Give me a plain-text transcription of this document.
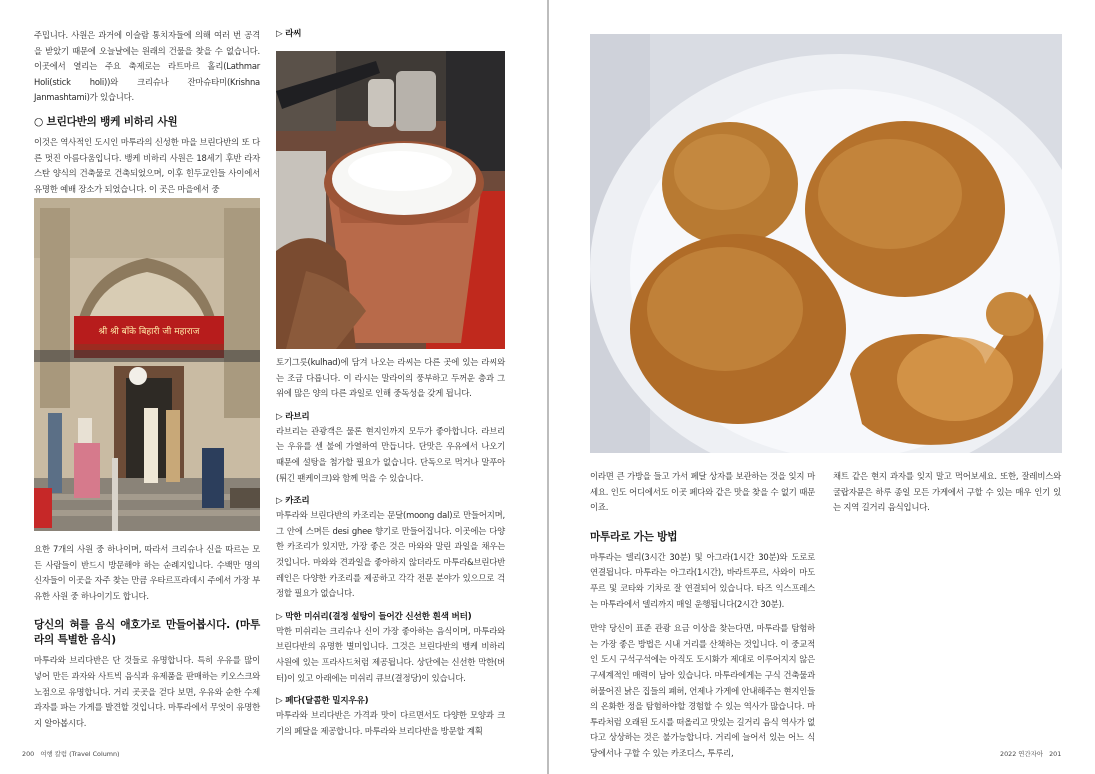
주밉니다. 사원은 과거에 이슬람 통치자들에 의해 여러 번 공격을 받았기 때문에 오늘날에는 원래의 건물을 찾을 수 없습니다. 이곳에서 열리는 주요 축제로는 라트마르 홀리(Lathmar Holi(stick holi))와 크리슈나 잔마슈타미(Krishna Janmashtami)가 있습니다.

○ 브린다반의 뱅케 비하리 사원

이것은 역사적인 도시인 마투라의 신성한 마을 브린다반의 또 다른 멋진 아름다움입니다. 뱅케 비하리 사원은 18세기 후반 라자스탄 양식의 건축물로 건축되었으며, 이후 힌두교인들 사이에서 유명한 예배 장소가 되었습니다. 이 곳은 마을에서 중

श्री श्री बाँके बिहारी जी महाराज

요한 7개의 사원 중 하나이며, 따라서 크리슈나 신을 따르는 모든 사람들이 반드시 방문해야 하는 순례지입니다. 수백만 명의 신자들이 이곳을 자주 찾는 만큼 우타르프라데시 주에서 가장 부유한 사원 중 하나이기도 합니다.

당신의 혀를 음식 애호가로 만들어봅시다. (마투라의 특별한 음식)

마투라와 브리다반은 단 것들로 유명합니다. 특히 우유를 많이 넣어 만든 과자와 사트빅 음식과 유제품을 판매하는 키오스크와 노점으로 유명합니다. 거리 곳곳을 걷다 보면, 우유와 순한 수제 과자를 파는 가게를 발견할 것입니다. 마투라에서 무엇이 유명한지 알아봅시다.

▷ 라씨

토기그릇(kulhad)에 담겨 나오는 라씨는 다른 곳에 있는 라씨와는 조금 다릅니다. 이 라시는 말라이의 풍부하고 두꺼운 층과 그 위에 많은 양의 다른 과일로 인해 중독성을 갖게 됩니다.

▷ 라브리

라브리는 관광객은 물론 현지인까지 모두가 좋아합니다. 라브리는 우유를 센 불에 가열하여 만듭니다. 단맛은 우유에서 나오기 때문에 설탕을 첨가할 필요가 없습니다. 단독으로 먹거나 말푸아(튀긴 팬케이크)와 함께 먹을 수 있습니다.

▷ 카조리

마투라와 브린다반의 카조리는 문달(moong dal)로 만들어지며, 그 안에 스며든 desi ghee 향기로 만들어집니다. 이곳에는 다양한 카조리가 있지만, 가장 좋은 것은 마와와 말린 과일을 채우는 것입니다. 마와와 견과일을 좋아하지 않더라도 마투라&브린다반 레인은 다양한 카조리를 제공하고 각각 전문 분야가 있으므로 걱정할 필요가 없습니다.

▷ 막한 미쉬리(결정 설탕이 들어간 신선한 흰색 버터)

막한 미쉬리는 크리슈나 신이 가장 좋아하는 음식이며, 마투라와 브린다반의 유명한 별미입니다. 그것은 브린다반의 뱅케 비하리 사원에 있는 프라사드처럼 제공됩니다. 상단에는 신선한 막한(버터)이 있고 아래에는 미쉬리 큐브(결정당)이 있습니다.

▷ 페다(달콤한 밀지우유)

마투라와 브리다반은 가격과 맛이 다르면서도 다양한 모양과 크기의 페달을 제공합니다. 마투라와 브리다반을 방문할 계획

200 여행 칼럼 (Travel Column)

이라면 큰 가방을 들고 가서 페달 상자를 보관하는 것을 잊지 마세요. 인도 어디에서도 이곳 페다와 같은 맛을 찾을 수 없기 때문이죠.

마투라로 가는 방법

마투라는 델리(3시간 30분) 및 아그라(1시간 30분)와 도로로 연결됩니다. 마투라는 아그라(1시간), 바라트푸르, 사와이 마도푸르 및 코타와 기차로 잘 연결되어 있습니다. 타즈 익스프레스는 마투라에서 델리까지 매일 운행됩니다(2시간 30분).

만약 당신이 표준 관광 요금 이상을 찾는다면, 마투라를 탐험하는 가장 좋은 방법은 시내 거리를 산책하는 것입니다. 이 중교적인 도시 구석구석에는 아직도 도시화가 제대로 이루어지지 않은 구세계적인 매력이 남아 있습니다. 마투라에게는 구식 건축물과 허물어진 낡은 집들의 폐허, 언제나 가게에 안내해주는 현지인들의 온화한 정을 탐험하야할 경험할 수 있는 역사가 많습니다. 마투라처럼 오래된 도시를 떠올리고 맛있는 길거리 음식 역사가 없다고 상상하는 것은 불가능합니다. 거리에 늘어서 있는 어느 식당에서나 구할 수 있는 카조디스, 투루리,

채트 같은 현지 과자를 잊지 말고 먹어보세요. 또한, 잘레비스와 굴랍자뮨은 하루 종일 모든 가게에서 구할 수 있는 매우 인기 있는 지역 길거리 음식입니다.

2022 연간자아 201
